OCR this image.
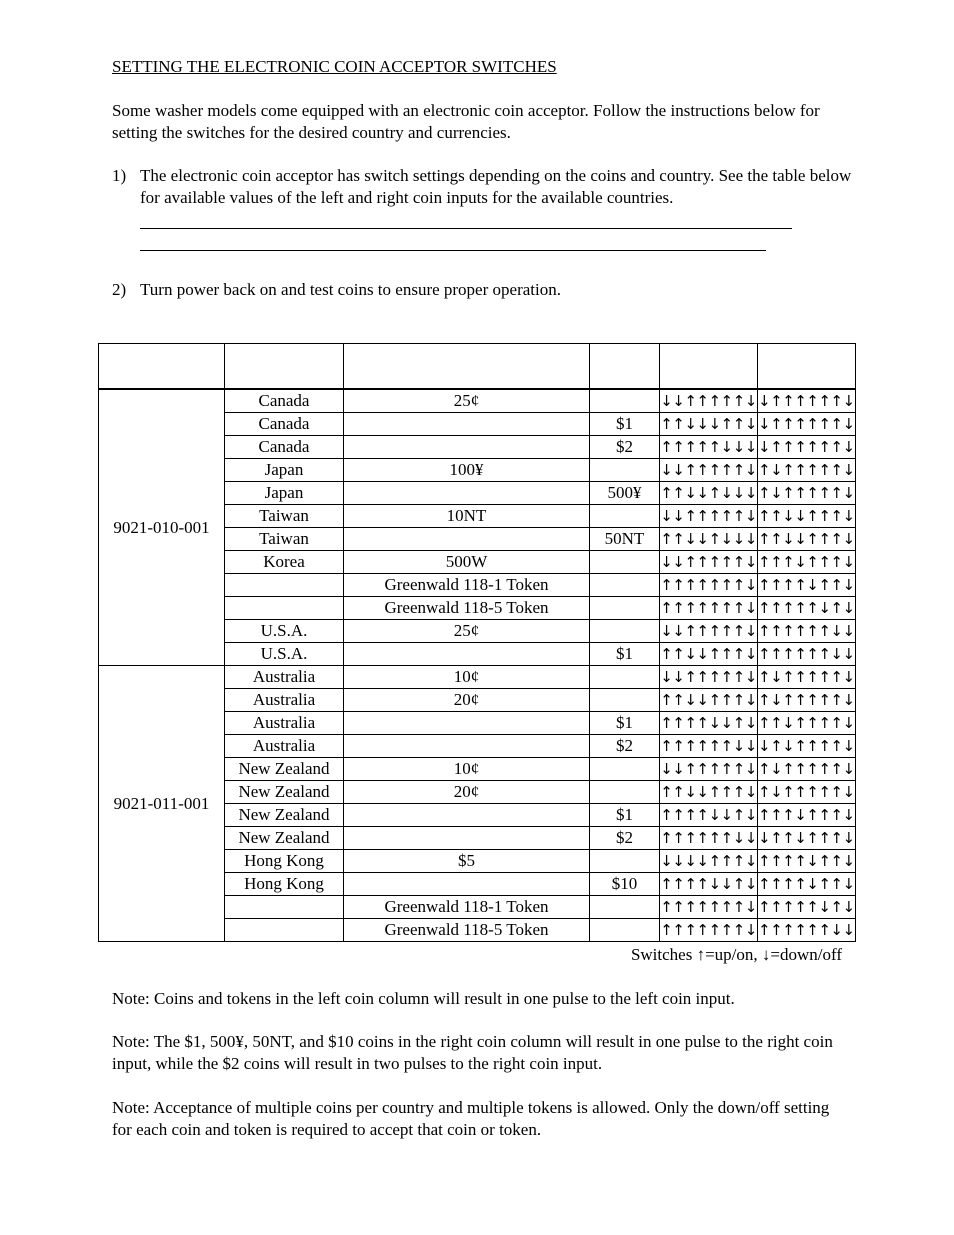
SETTING THE ELECTRONIC COIN ACCEPTOR SWITCHES
Some washer models come equipped with an electronic coin acceptor. Follow the instructions below for setting the switches for the desired country and currencies.
1) The electronic coin acceptor has switch settings depending on the coins and country. See the table below for available values of the left and right coin inputs for the available countries.
2) Turn power back on and test coins to ensure proper operation.

9021-010-001	Canada	25¢		↓↓↑↑↑↑↑↓	↓↑↑↑↑↑↑↓
	Canada		$1	↑↑↓↓↓↑↑↓	↓↑↑↑↑↑↑↓
	Canada		$2	↑↑↑↑↑↓↓↓	↓↑↑↑↑↑↑↓
	Japan	100¥		↓↓↑↑↑↑↑↓	↑↓↑↑↑↑↑↓
	Japan		500¥	↑↑↓↓↑↓↓↓	↑↓↑↑↑↑↑↓
	Taiwan	10NT		↓↓↑↑↑↑↑↓	↑↑↓↓↑↑↑↓
	Taiwan		50NT	↑↑↓↓↑↓↓↓	↑↑↓↓↑↑↑↓
	Korea	500W		↓↓↑↑↑↑↑↓	↑↑↑↓↑↑↑↓
		Greenwald 118-1 Token		↑↑↑↑↑↑↑↓	↑↑↑↑↓↑↑↓
		Greenwald 118-5 Token		↑↑↑↑↑↑↑↓	↑↑↑↑↑↓↑↓
	U.S.A.	25¢		↓↓↑↑↑↑↑↓	↑↑↑↑↑↑↓↓
	U.S.A.		$1	↑↑↓↓↑↑↑↓	↑↑↑↑↑↑↓↓
9021-011-001	Australia	10¢		↓↓↑↑↑↑↑↓	↑↓↑↑↑↑↑↓
	Australia	20¢		↑↑↓↓↑↑↑↓	↑↓↑↑↑↑↑↓
	Australia		$1	↑↑↑↑↓↓↑↓	↑↑↓↑↑↑↑↓
	Australia		$2	↑↑↑↑↑↑↓↓	↓↑↓↑↑↑↑↓
	New Zealand	10¢		↓↓↑↑↑↑↑↓	↑↓↑↑↑↑↑↓
	New Zealand	20¢		↑↑↓↓↑↑↑↓	↑↓↑↑↑↑↑↓
	New Zealand		$1	↑↑↑↑↓↓↑↓	↑↑↑↓↑↑↑↓
	New Zealand		$2	↑↑↑↑↑↑↓↓	↓↑↑↓↑↑↑↓
	Hong Kong	$5		↓↓↓↓↑↑↑↓	↑↑↑↑↓↑↑↓
	Hong Kong		$10	↑↑↑↑↓↓↑↓	↑↑↑↑↓↑↑↓
		Greenwald 118-1 Token		↑↑↑↑↑↑↑↓	↑↑↑↑↑↓↑↓
		Greenwald 118-5 Token		↑↑↑↑↑↑↑↓	↑↑↑↑↑↑↓↓
Switches ↑=up/on, ↓=down/off
Note: Coins and tokens in the left coin column will result in one pulse to the left coin input.
Note: The $1, 500¥, 50NT, and $10 coins in the right coin column will result in one pulse to the right coin input, while the $2 coins will result in two pulses to the right coin input.
Note: Acceptance of multiple coins per country and multiple tokens is allowed. Only the down/off setting for each coin and token is required to accept that coin or token.
